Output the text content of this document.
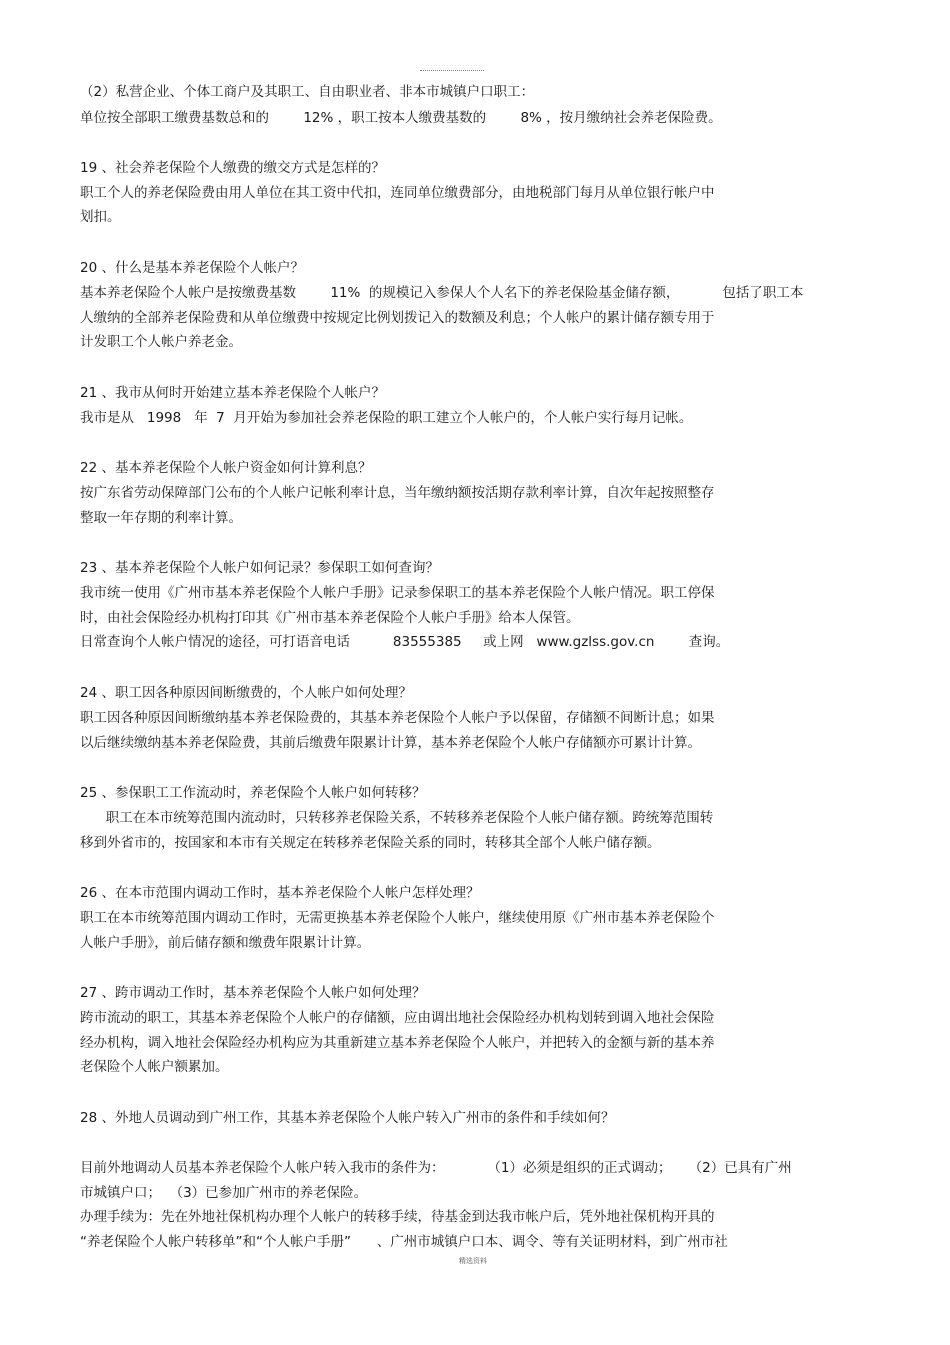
（2）私营企业、个体工商户及其职工、自由职业者、非本市城镇户口职工：
单位按全部职工缴费基数总和的        12% ，职工按本人缴费基数的        8% ，按月缴纳社会养老保险费。
19 、社会养老保险个人缴费的缴交方式是怎样的？
职工个人的养老保险费由用人单位在其工资中代扣，连同单位缴费部分，由地税部门每月从单位银行帐户中
划扣。
20 、什么是基本养老保险个人帐户？
基本养老保险个人帐户是按缴费基数        11%  的规模记入参保人个人名下的养老保险基金储存额，          包括了职工本
人缴纳的全部养老保险费和从单位缴费中按规定比例划拨记入的数额及利息；个人帐户的累计储存额专用于
计发职工个人帐户养老金。
21 、我市从何时开始建立基本养老保险个人帐户？
我市是从   1998   年  7  月开始为参加社会养老保险的职工建立个人帐户的，个人帐户实行每月记帐。
22 、基本养老保险个人帐户资金如何计算利息？
按广东省劳动保障部门公布的个人帐户记帐利率计息，当年缴纳额按活期存款利率计算，自次年起按照整存
整取一年存期的利率计算。
23 、基本养老保险个人帐户如何记录？参保职工如何查询？
我市统一使用《广州市基本养老保险个人帐户手册》记录参保职工的基本养老保险个人帐户情况。职工停保
时，由社会保险经办机构打印其《广州市基本养老保险个人帐户手册》给本人保管。
日常查询个人帐户情况的途径，可打语音电话          83555385     或上网   www.gzlss.gov.cn        查询。
24 、职工因各种原因间断缴费的，个人帐户如何处理？
职工因各种原因间断缴纳基本养老保险费的，其基本养老保险个人帐户予以保留，存储额不间断计息；如果
以后继续缴纳基本养老保险费，其前后缴费年限累计计算，基本养老保险个人帐户存储额亦可累计计算。
25 、参保职工工作流动时，养老保险个人帐户如何转移？
职工在本市统筹范围内流动时，只转移养老保险关系，不转移养老保险个人帐户储存额。跨统筹范围转
移到外省市的，按国家和本市有关规定在转移养老保险关系的同时，转移其全部个人帐户储存额。
26 、在本市范围内调动工作时，基本养老保险个人帐户怎样处理？
职工在本市统筹范围内调动工作时，无需更换基本养老保险个人帐户，继续使用原《广州市基本养老保险个
人帐户手册》，前后储存额和缴费年限累计计算。
27 、跨市调动工作时，基本养老保险个人帐户如何处理？
跨市流动的职工，其基本养老保险个人帐户的存储额，应由调出地社会保险经办机构划转到调入地社会保险
经办机构，调入地社会保险经办机构应为其重新建立基本养老保险个人帐户，并把转入的金额与新的基本养
老保险个人帐户额累加。
28 、外地人员调动到广州工作，其基本养老保险个人帐户转入广州市的条件和手续如何？
目前外地调动人员基本养老保险个人帐户转入我市的条件为：          （1）必须是组织的正式调动；    （2）已具有广州
市城镇户口；  （3）已参加广州市的养老保险。
办理手续为：先在外地社保机构办理个人帐户的转移手续，待基金到达我市帐户后，凭外地社保机构开具的
“养老保险个人帐户转移单”和“个人帐户手册”      、广州市城镇户口本、调令、等有关证明材料，到广州市社
精选资料
